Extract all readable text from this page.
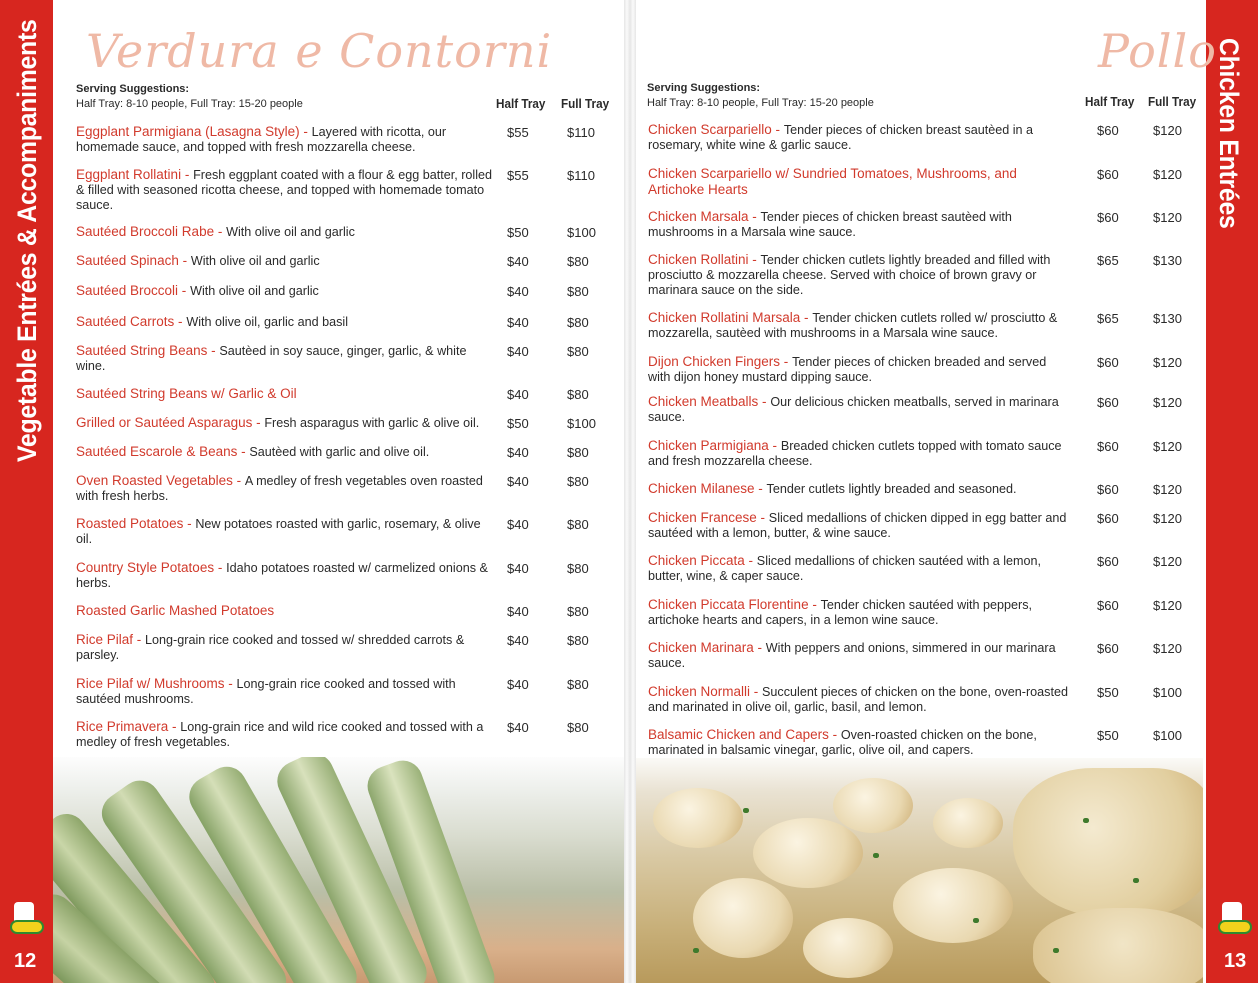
Vegetable Entrées & Accompaniments
12
Verdura e Contorni
Serving Suggestions:
Half Tray: 8-10 people, Full Tray: 15-20 people	Half Tray Full Tray
Eggplant Parmigiana (Lasagna Style) - Layered with ricotta, our homemade sauce, and topped with fresh mozzarella cheese.
$55	$110
Eggplant Rollatini - Fresh eggplant coated with a flour & egg batter, rolled & filled with seasoned ricotta cheese, and topped with homemade tomato sauce.
$55	$110
Sautéed Broccoli Rabe - With olive oil and garlic	$50	$100
Sautéed Spinach - With olive oil and garlic	$40	$80
Sautéed Broccoli - With olive oil and garlic	$40	$80
Sautéed Carrots - With olive oil, garlic and basil	$40	$80
Sautéed String Beans - Sautèed in soy sauce, ginger, garlic, & white wine.
$40	$80
Sautéed String Beans w/ Garlic & Oil	$40	$80
Grilled or Sautéed Asparagus - Fresh asparagus with garlic & olive oil.	$50	$100
Sautéed Escarole & Beans - Sautèed with garlic and olive oil.	$40	$80
Oven Roasted Vegetables - A medley of fresh vegetables oven roasted with fresh herbs.
$40	$80
Roasted Potatoes - New potatoes roasted with garlic, rosemary, & olive oil.
$40	$80
Country Style Potatoes - Idaho potatoes roasted w/ carmelized onions & herbs.
$40	$80
Roasted Garlic Mashed Potatoes	$40	$80
Rice Pilaf - Long-grain rice cooked and tossed w/ shredded carrots & parsley.
$40	$80
Rice Pilaf w/ Mushrooms - Long-grain rice cooked and tossed with sautéed mushrooms.
$40	$80
Rice Primavera - Long-grain rice and wild rice cooked and tossed with a medley of fresh vegetables.
$40	$80
Chicken Entrées
13
Pollo
Serving Suggestions:
Half Tray: 8-10 people, Full Tray: 15-20 people	Half Tray Full Tray
Chicken Scarpariello - Tender pieces of chicken breast sautèed in a rosemary, white wine & garlic sauce.
$60	$120
Chicken Scarpariello w/ Sundried Tomatoes, Mushrooms, and Artichoke Hearts
$60	$120
Chicken Marsala - Tender pieces of chicken breast sautèed with mushrooms in a Marsala wine sauce.
$60	$120
Chicken Rollatini - Tender chicken cutlets lightly breaded and filled with prosciutto & mozzarella cheese. Served with choice of brown gravy or marinara sauce on the side.
$65	$130
Chicken Rollatini Marsala - Tender chicken cutlets rolled w/ prosciutto & mozzarella, sautèed with mushrooms in a Marsala wine sauce.
$65	$130
Dijon Chicken Fingers - Tender pieces of chicken breaded and served with dijon honey mustard dipping sauce.
$60	$120
Chicken Meatballs - Our delicious chicken meatballs, served in marinara sauce.
$60	$120
Chicken Parmigiana - Breaded chicken cutlets topped with tomato sauce and fresh mozzarella cheese.
$60	$120
Chicken Milanese - Tender cutlets lightly breaded and seasoned.	$60	$120
Chicken Francese - Sliced medallions of chicken dipped in egg batter and sautéed with a lemon, butter, & wine sauce.
$60	$120
Chicken Piccata - Sliced medallions of chicken sautéed with a lemon, butter, wine, & caper sauce.
$60	$120
Chicken Piccata Florentine - Tender chicken sautéed with peppers, artichoke hearts and capers, in a lemon wine sauce.
$60	$120
Chicken Marinara - With peppers and onions, simmered in our marinara sauce.
$60	$120
Chicken Normalli - Succulent pieces of chicken on the bone, oven-roasted and marinated in olive oil, garlic, basil, and lemon.
$50	$100
Balsamic Chicken and Capers - Oven-roasted chicken on the bone, marinated in balsamic vinegar, garlic, olive oil, and capers.
$50	$100
